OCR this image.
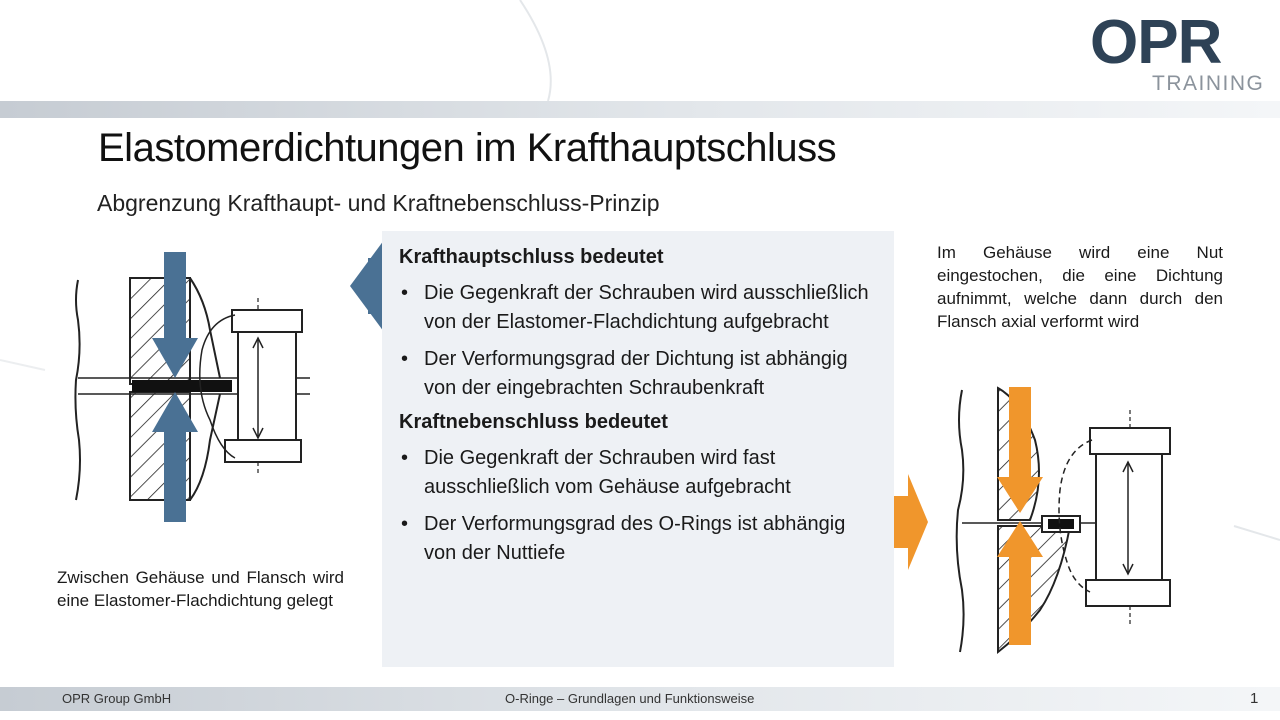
OPR
TRAINING
Elastomerdichtungen im Krafthauptschluss
Abgrenzung Krafthaupt- und Kraftnebenschluss-Prinzip
Zwischen Gehäuse und Flansch wird eine Elastomer-Flachdichtung gelegt

Krafthauptschluss bedeutet

• Die Gegenkraft der Schrauben wird ausschließlich von der Elastomer-Flachdichtung aufgebracht
• Der Verformungsgrad der Dichtung ist abhängig von der eingebrachten Schraubenkraft

Kraftnebenschluss bedeutet

• Die Gegenkraft der Schrauben wird fast ausschließlich vom Gehäuse aufgebracht
• Der Verformungsgrad des O-Rings ist abhängig von der Nuttiefe
Im Gehäuse wird eine Nut eingestochen, die eine Dichtung aufnimmt, welche dann durch den Flansch axial verformt wird
OPR Group GmbH	O-Ringe – Grundlagen und Funktionsweise	1
